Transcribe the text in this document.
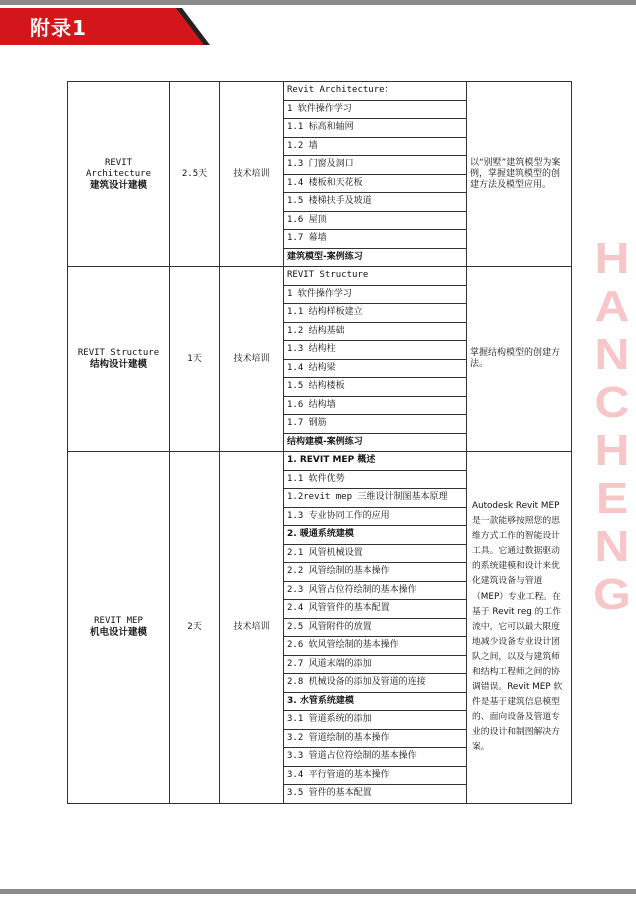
附录1
H
A
N
C
H
E
N
G
REVIT Architecture
建筑设计建模	2.5天	技术培训	Revit Architecture：	以“别墅”建筑模型为案例，掌握建筑模型的创建方法及模型应用。
			1 软件操作学习	
			1.1 标高和轴网	
			1.2 墙	
			1.3 门窗及洞口	
			1.4 楼板和天花板	
			1.5 楼梯扶手及坡道	
			1.6 屋顶	
			1.7 幕墙	
			建筑模型-案例练习	

REVIT Structure
结构设计建模	1天	技术培训	REVIT Structure	掌握结构模型的创建方法。
			1 软件操作学习	
			1.1 结构样板建立	
			1.2 结构基础	
			1.3 结构柱	
			1.4 结构梁	
			1.5 结构楼板	
			1.6 结构墙	
			1.7 钢筋	
			结构建模-案例练习	

REVIT MEP
机电设计建模	2天	技术培训	1. REVIT MEP 概述	Autodesk Revit MEP 是一款能够按照您的思维方式工作的智能设计工具。它通过数据驱动的系统建模和设计来优化建筑设备与管道（MEP）专业工程。在基于 Revit reg 的工作流中，它可以最大限度地减少设备专业设计团队之间，以及与建筑师和结构工程师之间的协调错误。Revit MEP 软件是基于建筑信息模型的、面向设备及管道专业的设计和制图解决方案。
			1.1 软件优势	
			1.2revit mep 三维设计制图基本原理	
			1.3 专业协同工作的应用	
			2. 暖通系统建模	
			2.1 风管机械设置	
			2.2 风管绘制的基本操作	
			2.3 风管占位符绘制的基本操作	
			2.4 风管管件的基本配置	
			2.5 风管附件的放置	
			2.6 软风管绘制的基本操作	
			2.7 风道末端的添加	
			2.8 机械设备的添加及管道的连接	
			3. 水管系统建模	
			3.1 管道系统的添加	
			3.2 管道绘制的基本操作	
			3.3 管道占位符绘制的基本操作	
			3.4 平行管道的基本操作	
			3.5 管件的基本配置	
